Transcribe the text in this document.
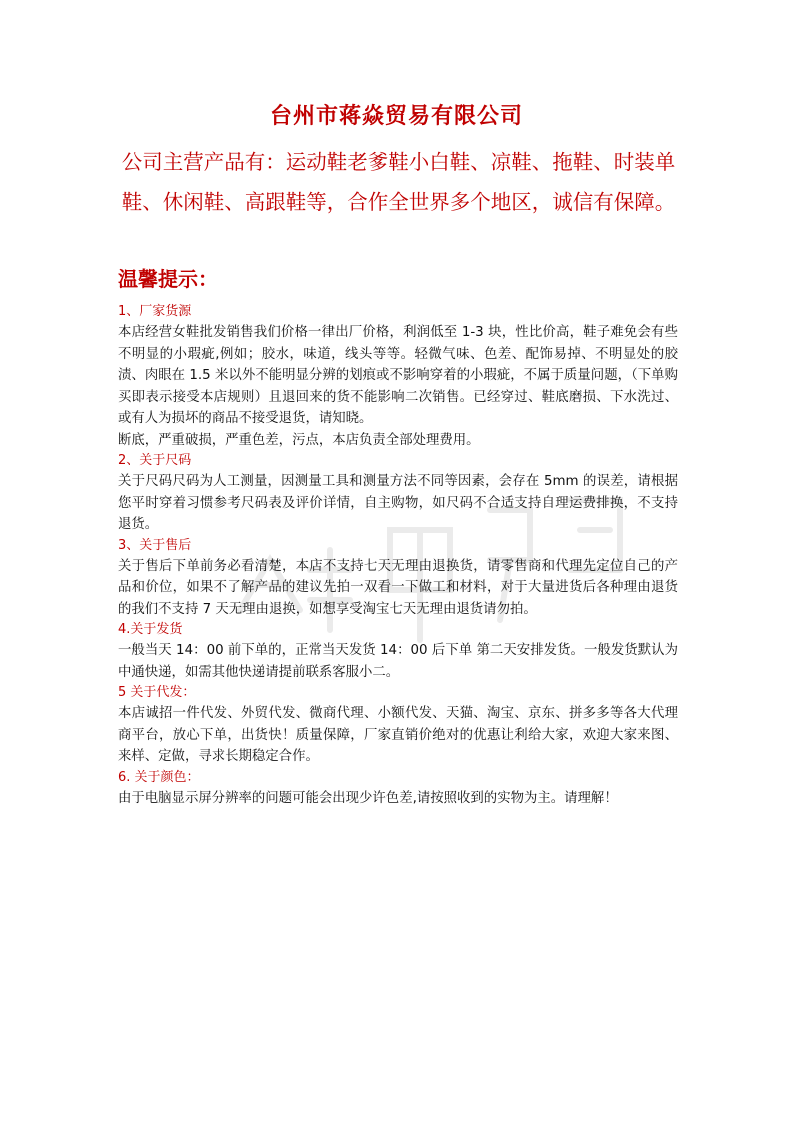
台州市蒋焱贸易有限公司

公司主营产品有：运动鞋老爹鞋小白鞋、凉鞋、拖鞋、时装单鞋、休闲鞋、高跟鞋等，合作全世界多个地区，诚信有保障。

温馨提示：

1、厂家货源

本店经营女鞋批发销售我们价格一律出厂价格，利润低至 1-3 块，性比价高，鞋子难免会有些不明显的小瑕疵,例如；胶水，味道，线头等等。轻微气味、色差、配饰易掉、不明显处的胶渍、肉眼在 1.5 米以外不能明显分辨的划痕或不影响穿着的小瑕疵，不属于质量问题，（下单购买即表示接受本店规则）且退回来的货不能影响二次销售。已经穿过、鞋底磨损、下水洗过、或有人为损坏的商品不接受退货，请知晓。

断底，严重破损，严重色差，污点，本店负责全部处理费用。

2、关于尺码

关于尺码尺码为人工测量，因测量工具和测量方法不同等因素，会存在 5mm 的误差，请根据您平时穿着习惯参考尺码表及评价详情，自主购物，如尺码不合适支持自理运费排换，不支持退货。

3、关于售后

关于售后下单前务必看清楚，本店不支持七天无理由退换货，请零售商和代理先定位自己的产品和价位，如果不了解产品的建议先拍一双看一下做工和材料，对于大量进货后各种理由退货的我们不支持 7 天无理由退换，如想享受淘宝七天无理由退货请勿拍。

4.关于发货

一般当天 14：00 前下单的，正常当天发货 14：00 后下单 第二天安排发货。一般发货默认为中通快递，如需其他快递请提前联系客服小二。

5 关于代发：

本店诚招一件代发、外贸代发、微商代理、小额代发、天猫、淘宝、京东、拼多多等各大代理商平台，放心下单，出货快！质量保障，厂家直销价绝对的优惠让利给大家，欢迎大家来图、来样、定做，寻求长期稳定合作。

6. 关于颜色：

由于电脑显示屏分辨率的问题可能会出现少许色差,请按照收到的实物为主。请理解！
